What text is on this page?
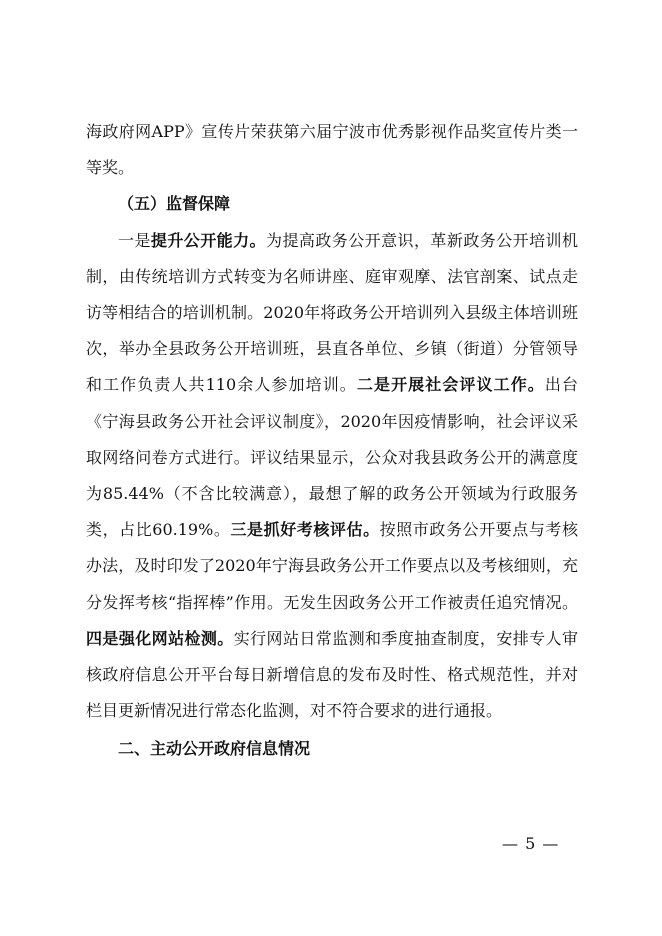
海政府网APP》宣传片荣获第六届宁波市优秀影视作品奖宣传片类一等奖。

（五）监督保障

一是提升公开能力。为提高政务公开意识，革新政务公开培训机制，由传统培训方式转变为名师讲座、庭审观摩、法官剖案、试点走访等相结合的培训机制。2020年将政务公开培训列入县级主体培训班次，举办全县政务公开培训班，县直各单位、乡镇（街道）分管领导和工作负责人共110余人参加培训。二是开展社会评议工作。出台《宁海县政务公开社会评议制度》，2020年因疫情影响，社会评议采取网络问卷方式进行。评议结果显示，公众对我县政务公开的满意度为85.44%（不含比较满意），最想了解的政务公开领域为行政服务类，占比60.19%。三是抓好考核评估。按照市政务公开要点与考核办法，及时印发了2020年宁海县政务公开工作要点以及考核细则，充分发挥考核“指挥棒”作用。无发生因政务公开工作被责任追究情况。四是强化网站检测。实行网站日常监测和季度抽查制度，安排专人审核政府信息公开平台每日新增信息的发布及时性、格式规范性，并对栏目更新情况进行常态化监测，对不符合要求的进行通报。

二、主动公开政府信息情况

— 5 —
